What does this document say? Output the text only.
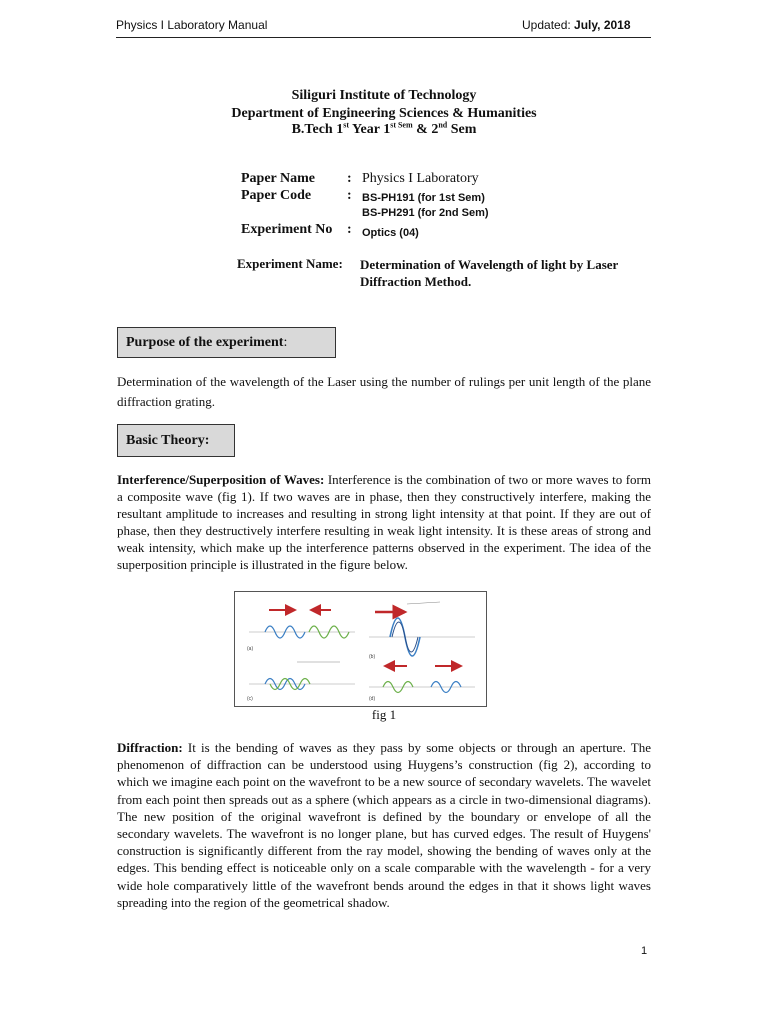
Physics I Laboratory Manual	Updated: July, 2018
Siliguri Institute of Technology
Department of Engineering Sciences & Humanities
B.Tech 1st Year $1^{st Sem}$ & 2nd Sem
Paper Name : Physics I Laboratory
Paper Code	: BS-PH191 (for 1st Sem)
BS-PH291 (for 2nd Sem)
Experiment No : Optics (04)
Experiment Name: Determination of Wavelength of light by Laser Diffraction Method.
Purpose of the experiment :
Determination of the wavelength of the Laser using the number of rulings per unit length of the plane diffraction grating.
Basic Theory:
Interference/Superposition of Waves: Interference is the combination of two or more waves to form a composite wave (fig 1). If two waves are in phase, then they constructively interfere, making the resultant amplitude to increases and resulting in strong light intensity at that point. If they are out of phase, then they destructively interfere resulting in weak light intensity. It is these areas of strong and weak intensity, which make up the interference patterns observed in the experiment. The idea of the superposition principle is illustrated in the figure below.
(a)
(b)
(c)	(d)
fig 1
Diffraction: It is the bending of waves as they pass by some objects or through an aperture. The phenomenon of diffraction can be understood using Huygens’s construction (fig 2), according to which we imagine each point on the wavefront to be a new source of secondary wavelets. The wavelet from each point then spreads out as a sphere (which appears as a circle in two-dimensional diagrams). The new position of the original wavefront is defined by the boundary or envelope of all the secondary wavelets. The wavefront is no longer plane, but has curved edges. The result of Huygens' construction is significantly different from the ray model, showing the bending of waves only at the edges. This bending effect is noticeable only on a scale comparable with the wavelength - for a very wide hole comparatively little of the wavefront bends around the edges in that it shows light waves spreading into the region of the geometrical shadow.
1
